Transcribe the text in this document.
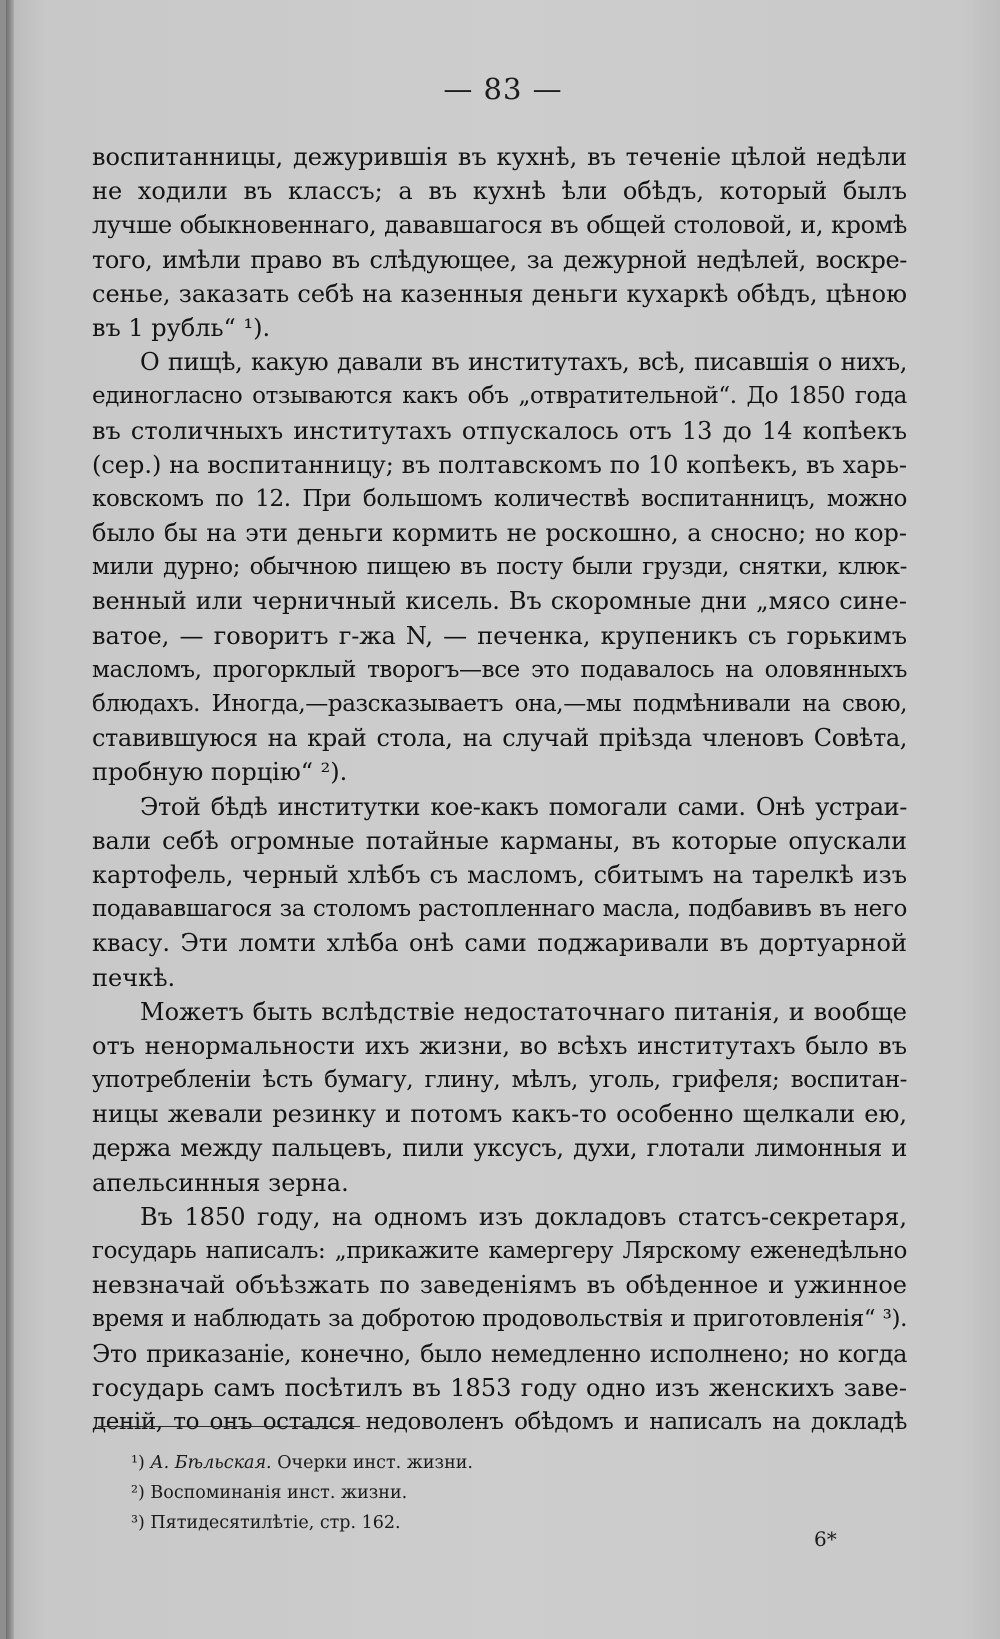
— 83 —
воспитанницы, дежурившія въ кухнѣ, въ теченіе цѣлой недѣли
не ходили въ классъ; а въ кухнѣ ѣли обѣдъ, который былъ
лучше обыкновеннаго, дававшагося въ общей столовой, и, кромѣ
того, имѣли право въ слѣдующее, за дежурной недѣлей, воскре-
сенье, заказать себѣ на казенныя деньги кухаркѣ обѣдъ, цѣною
въ 1 рубль“ ¹).
О пищѣ, какую давали въ институтахъ, всѣ, писавшія о нихъ,
единогласно отзываются какъ объ „отвратительной“. До 1850 года
въ столичныхъ институтахъ отпускалось отъ 13 до 14 копѣекъ
(сер.) на воспитанницу; въ полтавскомъ по 10 копѣекъ, въ харь-
ковскомъ по 12. При большомъ количествѣ воспитанницъ, можно
было бы на эти деньги кормить не роскошно, а сносно; но кор-
мили дурно; обычною пищею въ посту были грузди, снятки, клюк-
венный или черничный кисель. Въ скоромные дни „мясо сине-
ватое, — говоритъ г-жа N, — печенка, крупеникъ съ горькимъ
масломъ, прогорклый творогъ—все это подавалось на оловянныхъ
блюдахъ. Иногда,—разсказываетъ она,—мы подмѣнивали на свою,
ставившуюся на край стола, на случай пріѣзда членовъ Совѣта,
пробную порцію“ ²).
Этой бѣдѣ институтки кое-какъ помогали сами. Онѣ устраи-
вали себѣ огромные потайные карманы, въ которые опускали
картофель, черный хлѣбъ съ масломъ, сбитымъ на тарелкѣ изъ
подававшагося за столомъ растопленнаго масла, подбавивъ въ него
квасу. Эти ломти хлѣба онѣ сами поджаривали въ дортуарной
печкѣ.
Можетъ быть вслѣдствіе недостаточнаго питанія, и вообще
отъ ненормальности ихъ жизни, во всѣхъ институтахъ было въ
употребленіи ѣсть бумагу, глину, мѣлъ, уголь, грифеля; воспитан-
ницы жевали резинку и потомъ какъ-то особенно щелкали ею,
держа между пальцевъ, пили уксусъ, духи, глотали лимонныя и
апельсинныя зерна.
Въ 1850 году, на одномъ изъ докладовъ статсъ-секретаря,
государь написалъ: „прикажите камергеру Лярскому еженедѣльно
невзначай объѣзжать по заведеніямъ въ обѣденное и ужинное
время и наблюдать за добротою продовольствія и приготовленія“ ³).
Это приказаніе, конечно, было немедленно исполнено; но когда
государь самъ посѣтилъ въ 1853 году одно изъ женскихъ заве-
деній, то онъ остался недоволенъ обѣдомъ и написалъ на докладѣ
¹) А. Бѣльская. Очерки инст. жизни.
²) Воспоминанія инст. жизни.
³) Пятидесятилѣтіе, стр. 162.
6*
